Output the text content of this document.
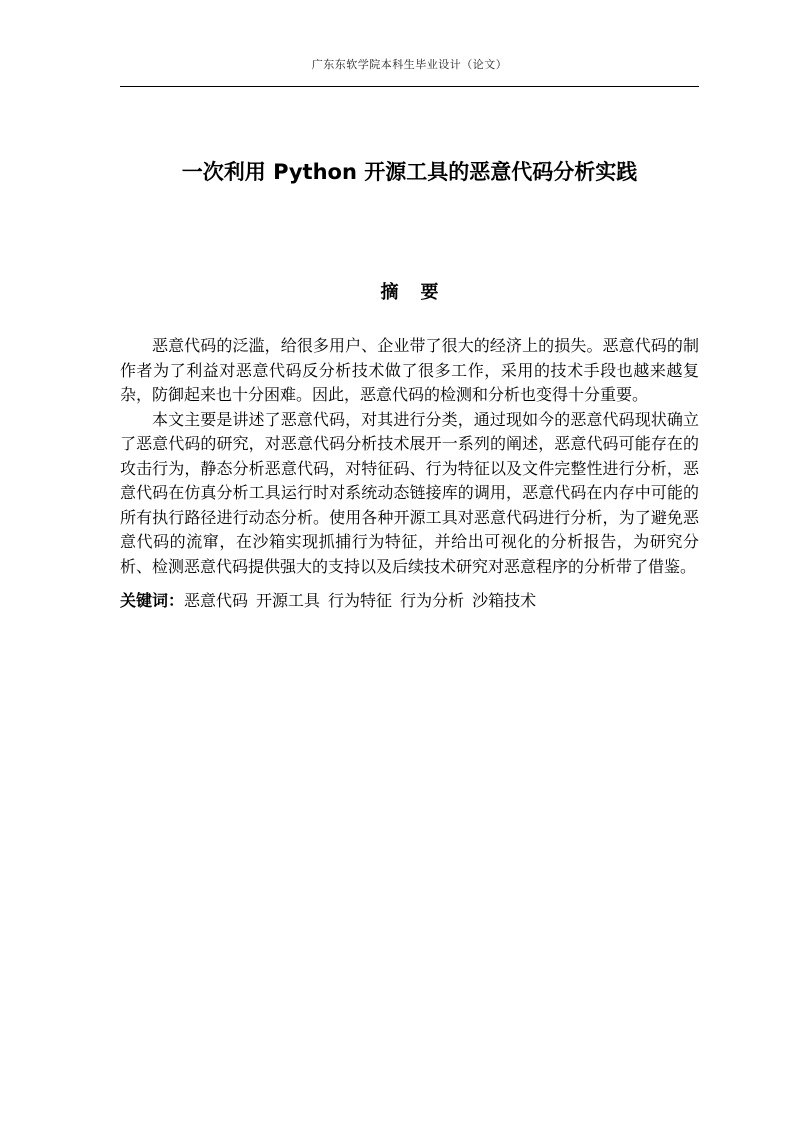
广东东软学院本科生毕业设计（论文）
一次利用 Python 开源工具的恶意代码分析实践
摘要

恶意代码的泛滥，给很多用户、企业带了很大的经济上的损失。恶意代码的制作者为了利益对恶意代码反分析技术做了很多工作，采用的技术手段也越来越复杂，防御起来也十分困难。因此，恶意代码的检测和分析也变得十分重要。

本文主要是讲述了恶意代码，对其进行分类，通过现如今的恶意代码现状确立了恶意代码的研究，对恶意代码分析技术展开一系列的阐述，恶意代码可能存在的攻击行为，静态分析恶意代码，对特征码、行为特征以及文件完整性进行分析，恶意代码在仿真分析工具运行时对系统动态链接库的调用，恶意代码在内存中可能的所有执行路径进行动态分析。使用各种开源工具对恶意代码进行分析，为了避免恶意代码的流窜，在沙箱实现抓捕行为特征，并给出可视化的分析报告，为研究分析、检测恶意代码提供强大的支持以及后续技术研究对恶意程序的分析带了借鉴。

关键词：恶意代码 开源工具 行为特征 行为分析 沙箱技术
